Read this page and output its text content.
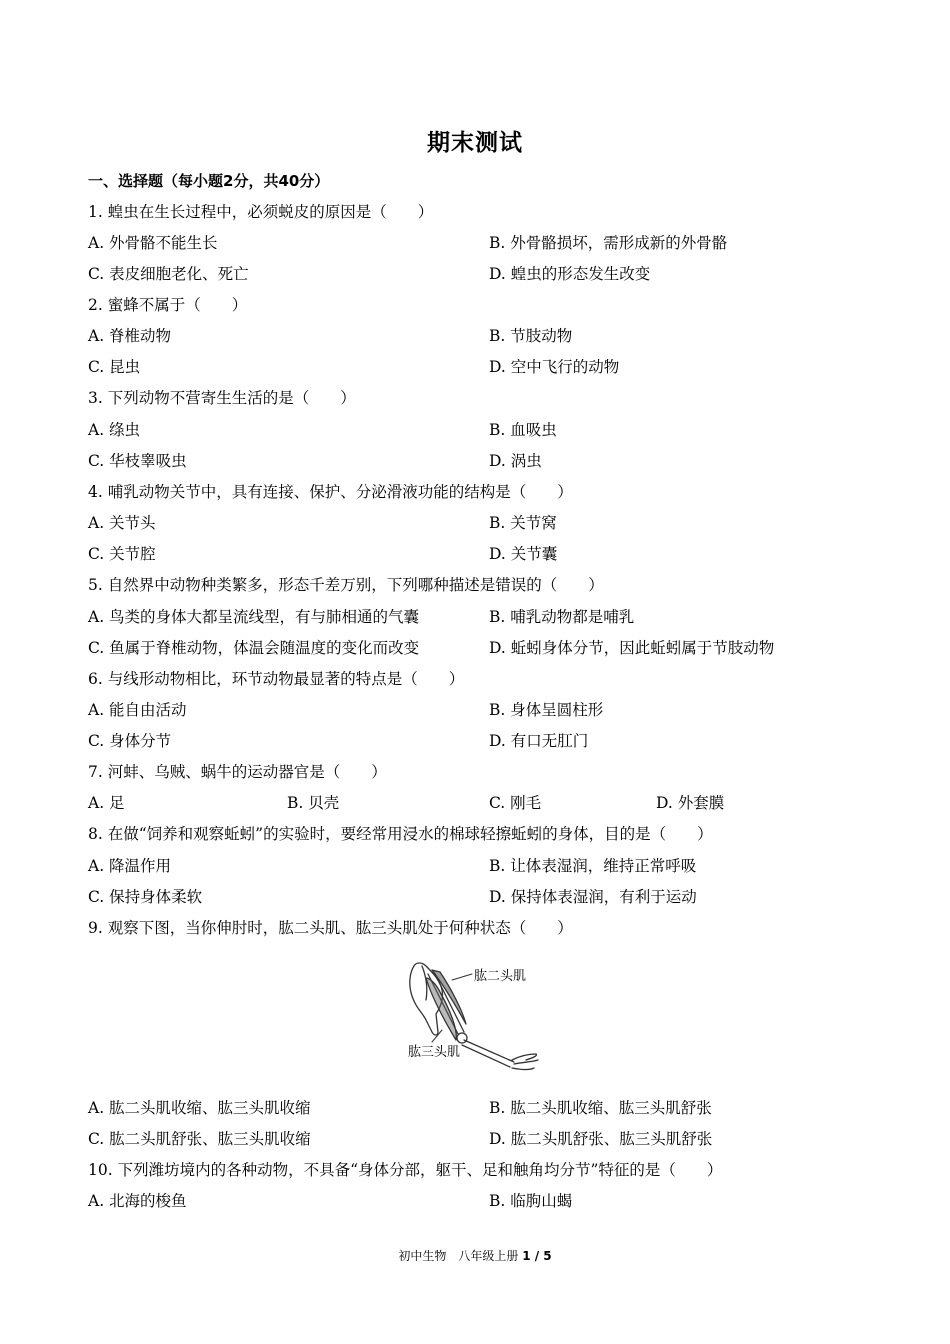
期末测试
一、选择题（每小题2分，共40分）
1. 蝗虫在生长过程中，必须蜕皮的原因是（　　）
A. 外骨骼不能生长	B. 外骨骼损坏，需形成新的外骨骼
C. 表皮细胞老化、死亡	D. 蝗虫的形态发生改变
2. 蜜蜂不属于（　　）
A. 脊椎动物	B. 节肢动物
C. 昆虫	D. 空中飞行的动物
3. 下列动物不营寄生生活的是（　　）
A. 绦虫	B. 血吸虫
C. 华枝睾吸虫	D. 涡虫
4. 哺乳动物关节中，具有连接、保护、分泌滑液功能的结构是（　　）
A. 关节头	B. 关节窝
C. 关节腔	D. 关节囊
5. 自然界中动物种类繁多，形态千差万别，下列哪种描述是错误的（　　）
A. 鸟类的身体大都呈流线型，有与肺相通的气囊	B. 哺乳动物都是哺乳
C. 鱼属于脊椎动物，体温会随温度的变化而改变	D. 蚯蚓身体分节，因此蚯蚓属于节肢动物
6. 与线形动物相比，环节动物最显著的特点是（　　）
A. 能自由活动	B. 身体呈圆柱形
C. 身体分节	D. 有口无肛门
7. 河蚌、乌贼、蜗牛的运动器官是（　　）
A. 足	B. 贝壳	C. 刚毛	D. 外套膜
8. 在做“饲养和观察蚯蚓”的实验时，要经常用浸水的棉球轻擦蚯蚓的身体，目的是（　　）
A. 降温作用	B. 让体表湿润，维持正常呼吸
C. 保持身体柔软	D. 保持体表湿润，有利于运动
9. 观察下图，当你伸肘时，肱二头肌、肱三头肌处于何种状态（　　）
肱二头肌
肱三头肌
A. 肱二头肌收缩、肱三头肌收缩	B. 肱二头肌收缩、肱三头肌舒张
C. 肱二头肌舒张、肱三头肌收缩	D. 肱二头肌舒张、肱三头肌舒张
10. 下列潍坊境内的各种动物，不具备“身体分部，躯干、足和触角均分节”特征的是（　　）
A. 北海的梭鱼	B. 临朐山蝎
初中生物　八年级上册 1 / 5
